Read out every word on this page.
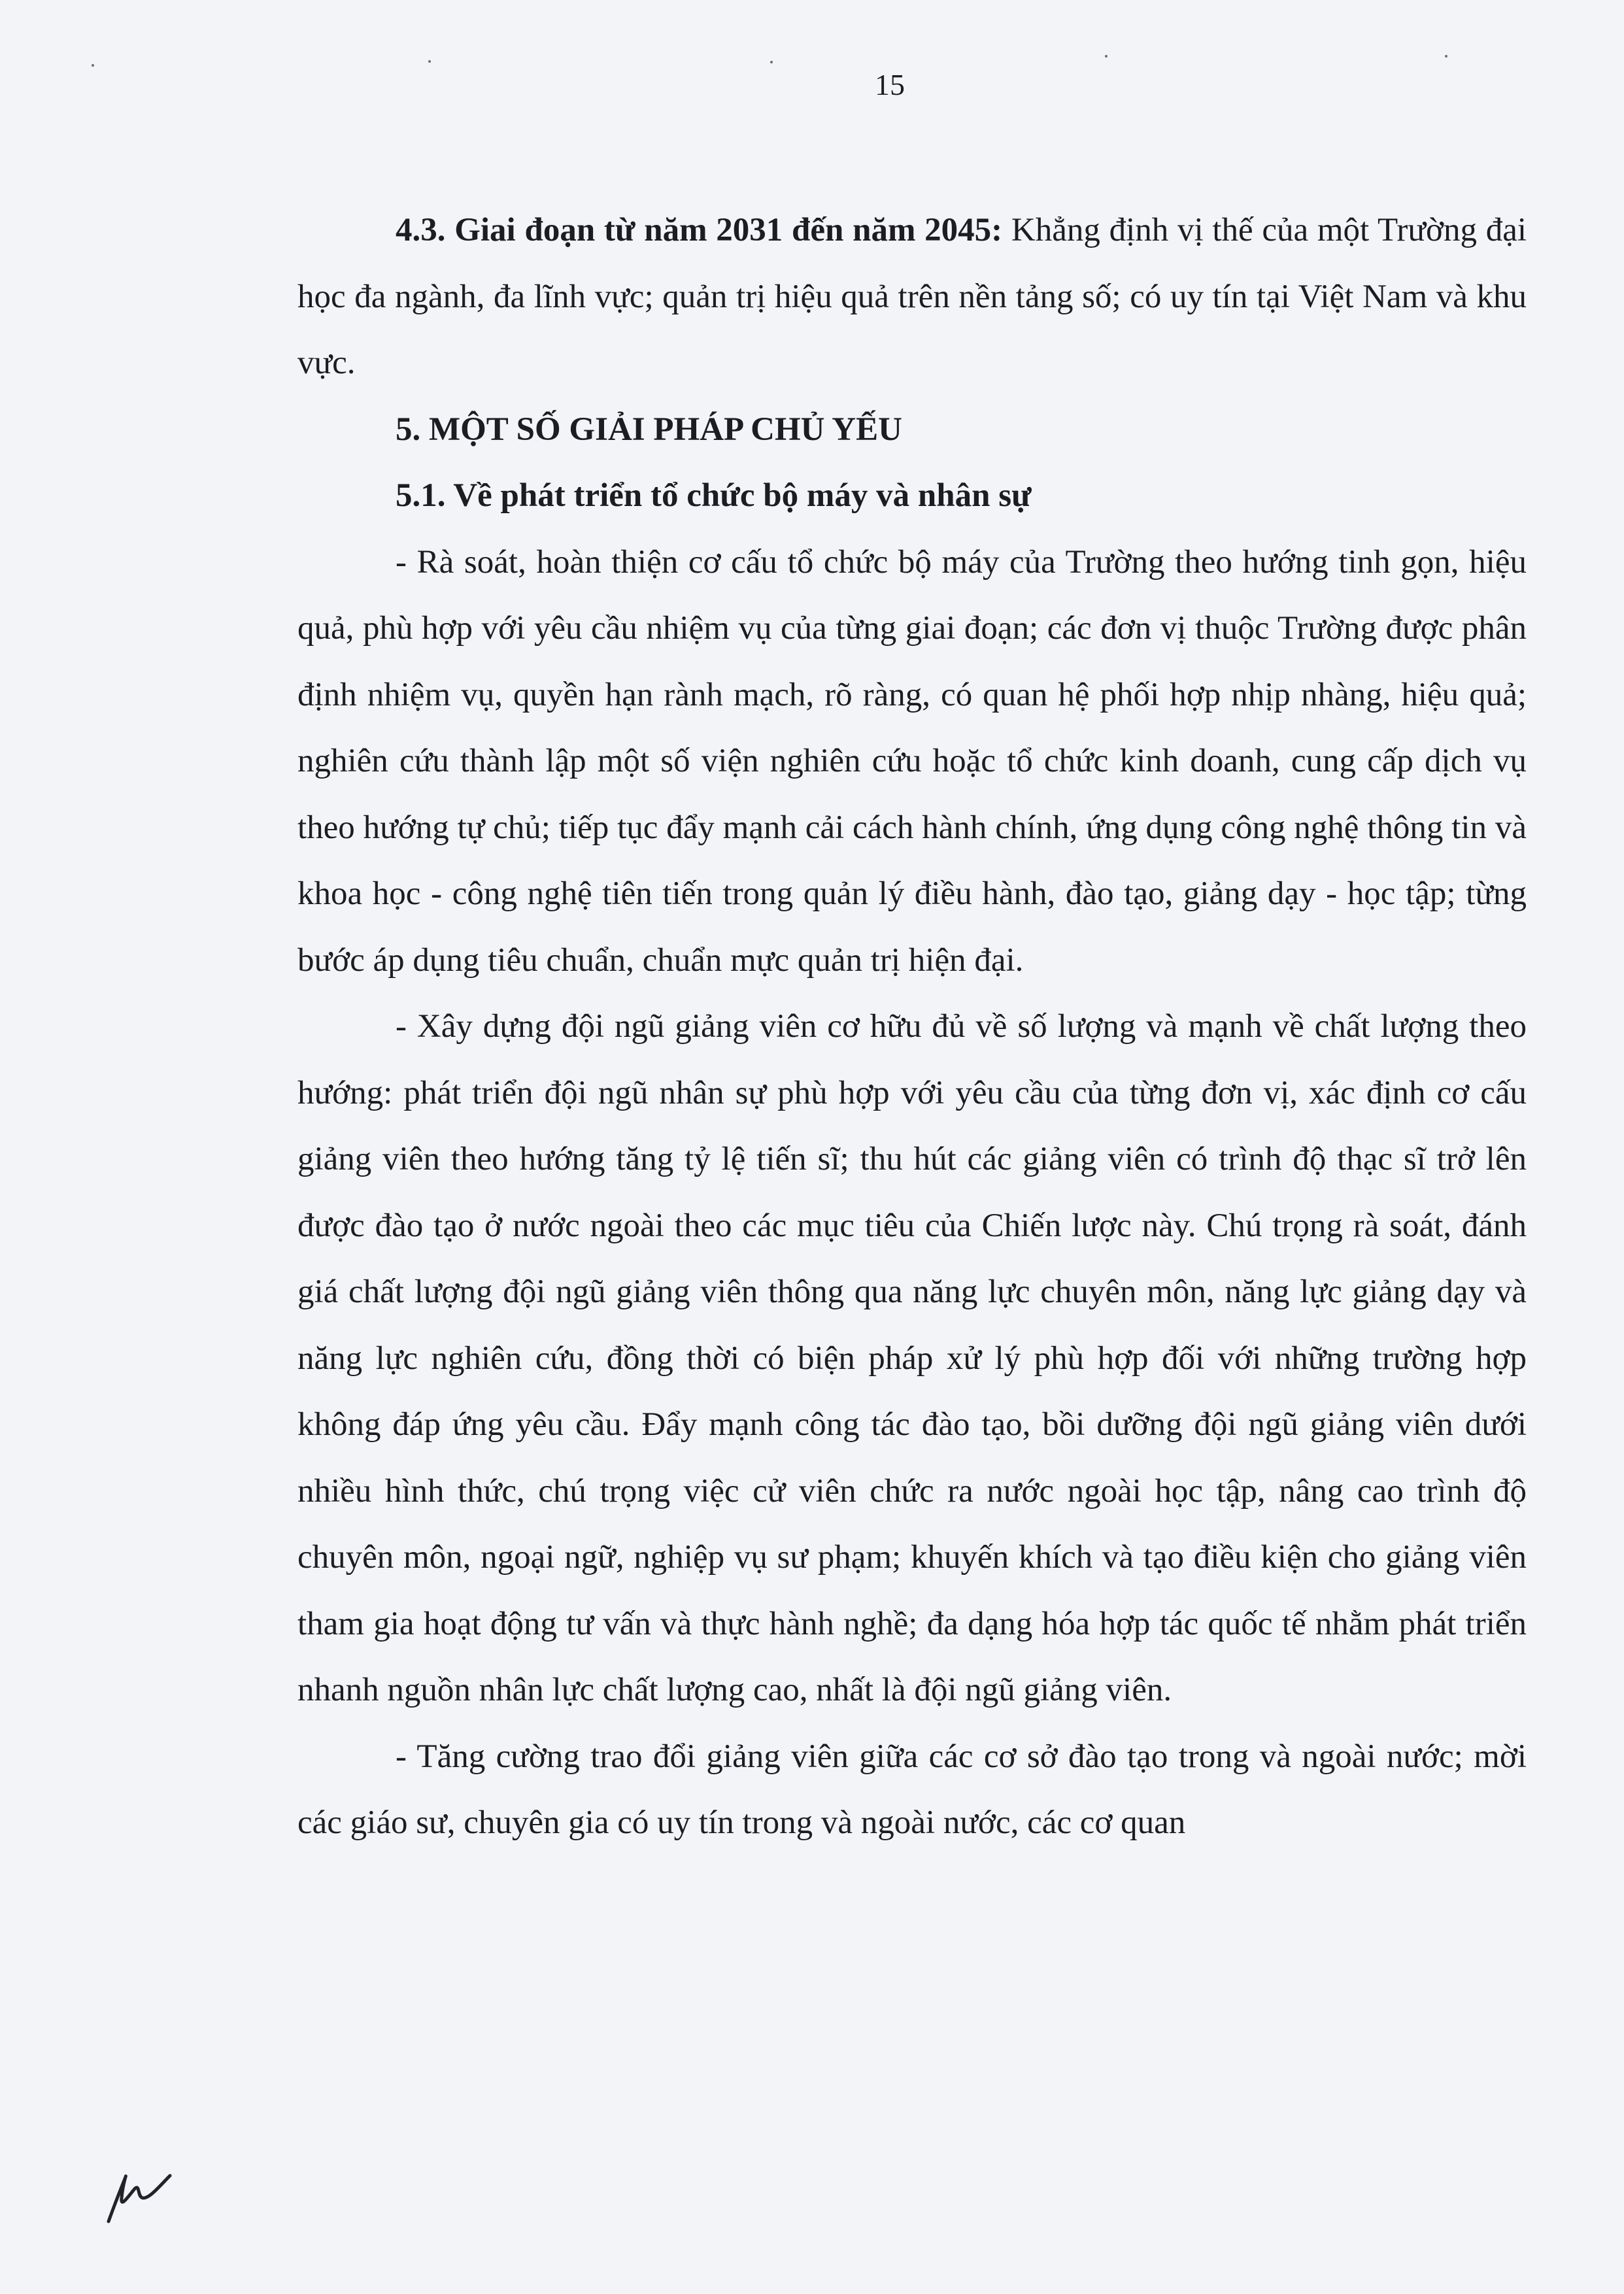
15

4.3. Giai đoạn từ năm 2031 đến năm 2045: Khẳng định vị thế của một Trường đại học đa ngành, đa lĩnh vực; quản trị hiệu quả trên nền tảng số; có uy tín tại Việt Nam và khu vực.

5. MỘT SỐ GIẢI PHÁP CHỦ YẾU

5.1. Về phát triển tổ chức bộ máy và nhân sự

- Rà soát, hoàn thiện cơ cấu tổ chức bộ máy của Trường theo hướng tinh gọn, hiệu quả, phù hợp với yêu cầu nhiệm vụ của từng giai đoạn; các đơn vị thuộc Trường được phân định nhiệm vụ, quyền hạn rành mạch, rõ ràng, có quan hệ phối hợp nhịp nhàng, hiệu quả; nghiên cứu thành lập một số viện nghiên cứu hoặc tổ chức kinh doanh, cung cấp dịch vụ theo hướng tự chủ; tiếp tục đẩy mạnh cải cách hành chính, ứng dụng công nghệ thông tin và khoa học - công nghệ tiên tiến trong quản lý điều hành, đào tạo, giảng dạy - học tập; từng bước áp dụng tiêu chuẩn, chuẩn mực quản trị hiện đại.

- Xây dựng đội ngũ giảng viên cơ hữu đủ về số lượng và mạnh về chất lượng theo hướng: phát triển đội ngũ nhân sự phù hợp với yêu cầu của từng đơn vị, xác định cơ cấu giảng viên theo hướng tăng tỷ lệ tiến sĩ; thu hút các giảng viên có trình độ thạc sĩ trở lên được đào tạo ở nước ngoài theo các mục tiêu của Chiến lược này. Chú trọng rà soát, đánh giá chất lượng đội ngũ giảng viên thông qua năng lực chuyên môn, năng lực giảng dạy và năng lực nghiên cứu, đồng thời có biện pháp xử lý phù hợp đối với những trường hợp không đáp ứng yêu cầu. Đẩy mạnh công tác đào tạo, bồi dưỡng đội ngũ giảng viên dưới nhiều hình thức, chú trọng việc cử viên chức ra nước ngoài học tập, nâng cao trình độ chuyên môn, ngoại ngữ, nghiệp vụ sư phạm; khuyến khích và tạo điều kiện cho giảng viên tham gia hoạt động tư vấn và thực hành nghề; đa dạng hóa hợp tác quốc tế nhằm phát triển nhanh nguồn nhân lực chất lượng cao, nhất là đội ngũ giảng viên.

- Tăng cường trao đổi giảng viên giữa các cơ sở đào tạo trong và ngoài nước; mời các giáo sư, chuyên gia có uy tín trong và ngoài nước, các cơ quan
